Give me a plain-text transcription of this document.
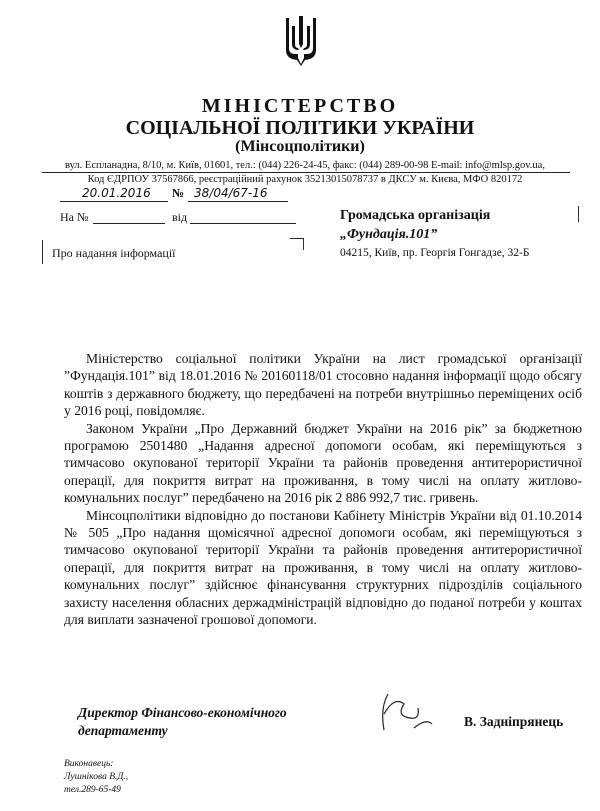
МІНІСТЕРСТВО
СОЦІАЛЬНОЇ ПОЛІТИКИ УКРАЇНИ
(Мінсоцполітики)
вул. Еспланадна, 8/10, м. Київ, 01601, тел.: (044) 226-24-45, факс: (044) 289-00-98 E-mail: info@mlsp.gov.ua,
Код ЄДРПОУ 37567866, реєстраційний рахунок 35213015078737 в ДКСУ м. Києва, МФО 820172
20.01.2016 № 38/04/67-16
На №	від	Громадська організація
„Фундація.101”
04215, Київ, пр. Георгія Гонгадзе, 32-Б
Про надання інформації

Міністерство соціальної політики України на лист громадської організації ”Фундація.101” від 18.01.2016 № 20160118/01 стосовно надання інформації щодо обсягу коштів з державного бюджету, що передбачені на потреби внутрішньо переміщених осіб у 2016 році, повідомляє.

Законом України „Про Державний бюджет України на 2016 рік” за бюджетною програмою 2501480 „Надання адресної допомоги особам, які переміщуються з тимчасово окупованої території України та районів проведення антитерористичної операції, для покриття витрат на проживання, в тому числі на оплату житлово-комунальних послуг” передбачено на 2016 рік 2 886 992,7 тис. гривень.

Мінсоцполітики відповідно до постанови Кабінету Міністрів України від 01.10.2014 № 505 „Про надання щомісячної адресної допомоги особам, які переміщуються з тимчасово окупованої території України та районів проведення антитерористичної операції, для покриття витрат на проживання, в тому числі на оплату житлово-комунальних послуг” здійснює фінансування структурних підрозділів соціального захисту населення обласних держадміністрацій відповідно до поданої потреби у коштах для виплати зазначеної грошової допомоги.

Директор Фінансово-економічного
департаменту
В. Задніпрянець
Виконавець:
Лушнікова В.Д.,
тел.289-65-49
